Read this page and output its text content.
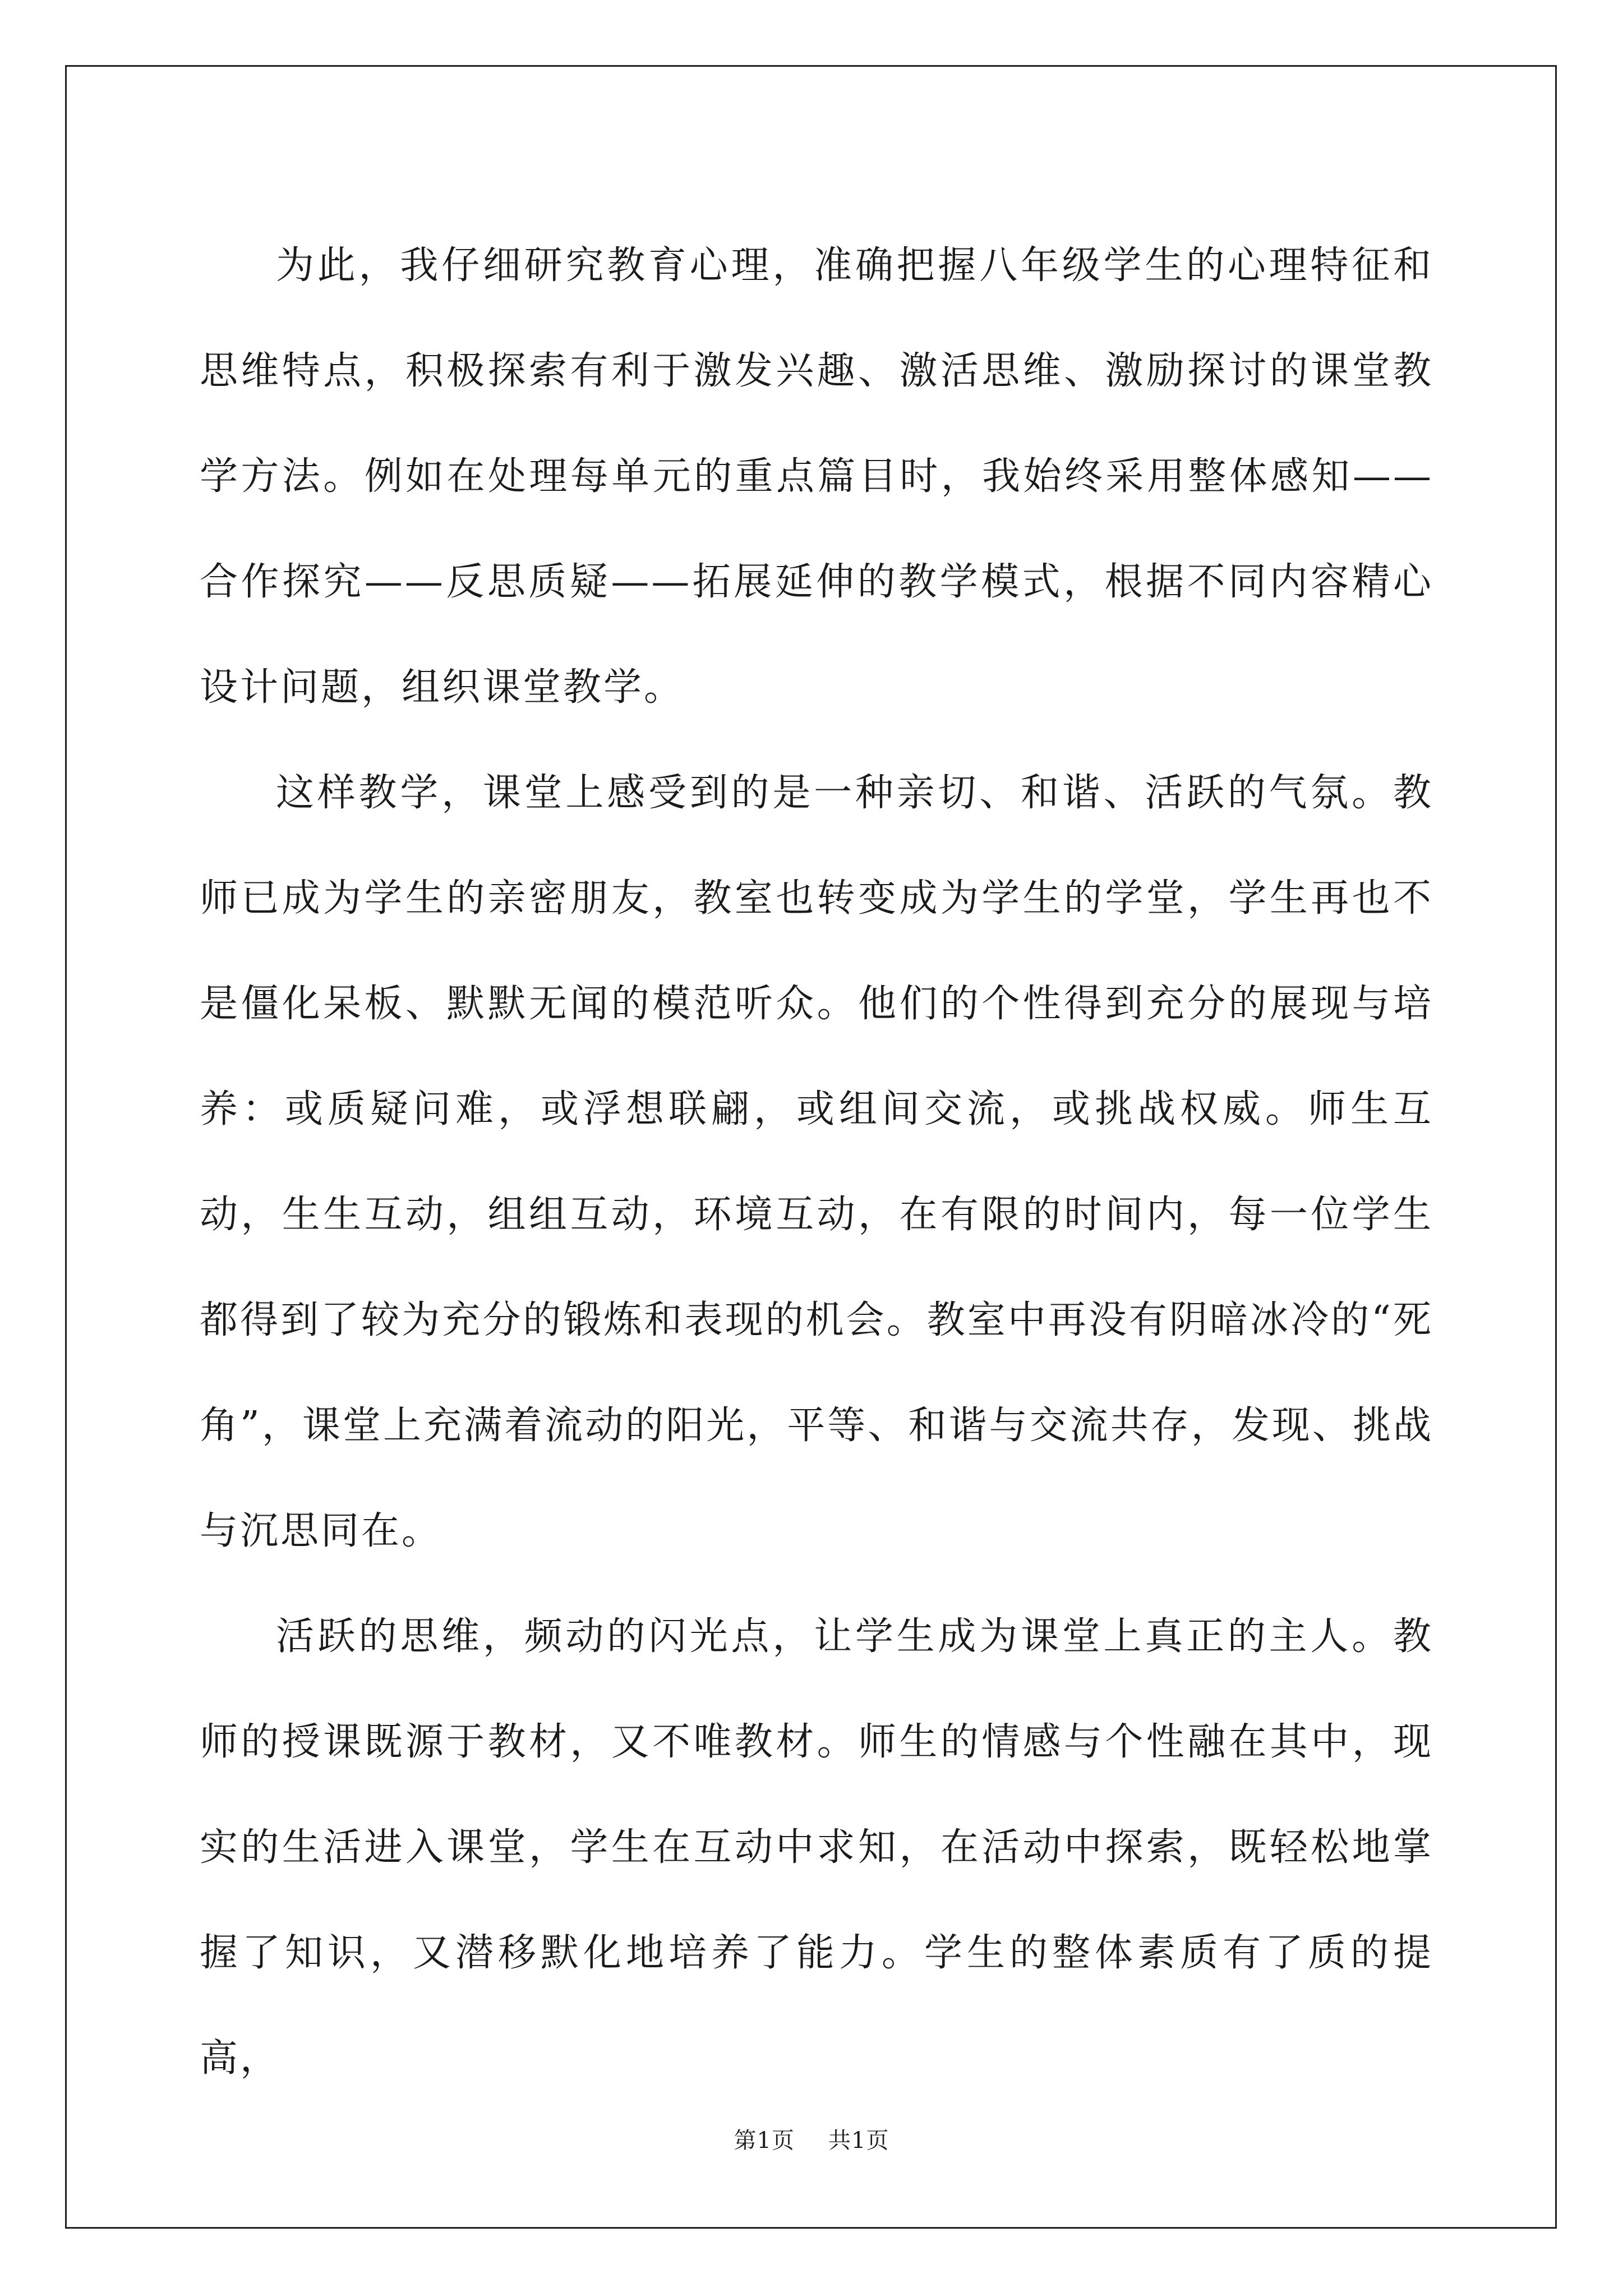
为此，我仔细研究教育心理，准确把握八年级学生的心理特征和思维特点，积极探索有利于激发兴趣、激活思维、激励探讨的课堂教学方法。例如在处理每单元的重点篇目时，我始终采用整体感知——合作探究——反思质疑——拓展延伸的教学模式，根据不同内容精心设计问题，组织课堂教学。

这样教学，课堂上感受到的是一种亲切、和谐、活跃的气氛。教师已成为学生的亲密朋友，教室也转变成为学生的学堂，学生再也不是僵化呆板、默默无闻的模范听众。他们的个性得到充分的展现与培养：或质疑问难，或浮想联翩，或组间交流，或挑战权威。师生互动，生生互动，组组互动，环境互动，在有限的时间内，每一位学生都得到了较为充分的锻炼和表现的机会。教室中再没有阴暗冰冷的“死角”，课堂上充满着流动的阳光，平等、和谐与交流共存，发现、挑战与沉思同在。

活跃的思维，频动的闪光点，让学生成为课堂上真正的主人。教师的授课既源于教材，又不唯教材。师生的情感与个性融在其中，现实的生活进入课堂，学生在互动中求知，在活动中探索，既轻松地掌握了知识，又潜移默化地培养了能力。学生的整体素质有了质的提高，

第1页 共1页
